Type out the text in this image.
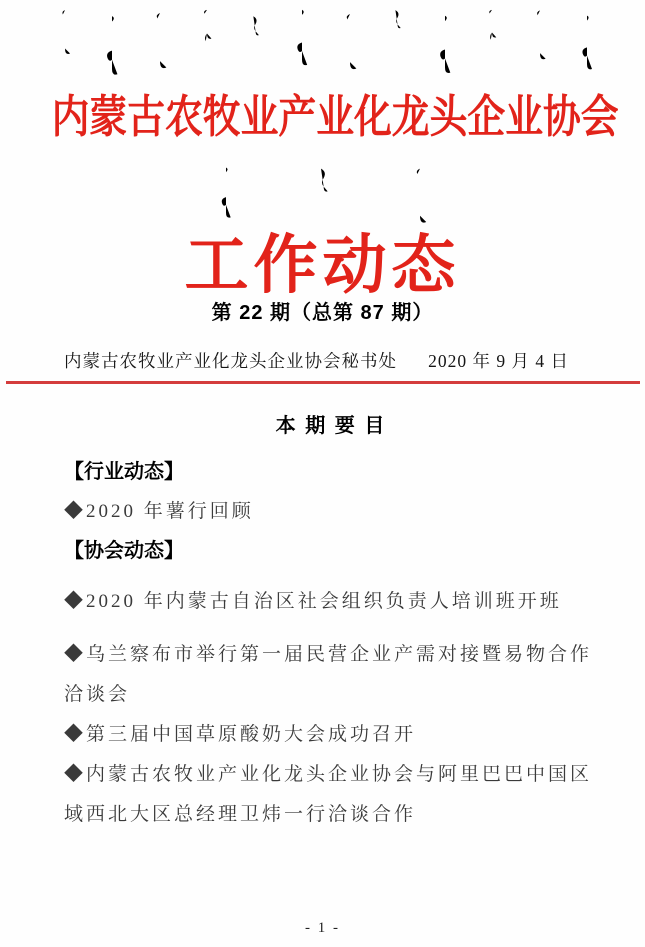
内蒙古农牧业产业化龙头企业协会
工作动态
第 22 期（总第 87 期）
内蒙古农牧业产业化龙头企业协会秘书处 2020 年 9 月 4 日
本 期 要 目
【行业动态】
◆2020 年薯行回顾
【协会动态】
◆2020 年内蒙古自治区社会组织负责人培训班开班
◆乌兰察布市举行第一届民营企业产需对接暨易物合作洽谈会
◆第三届中国草原酸奶大会成功召开
◆内蒙古农牧业产业化龙头企业协会与阿里巴巴中国区域西北大区总经理卫炜一行洽谈合作
- 1 -
